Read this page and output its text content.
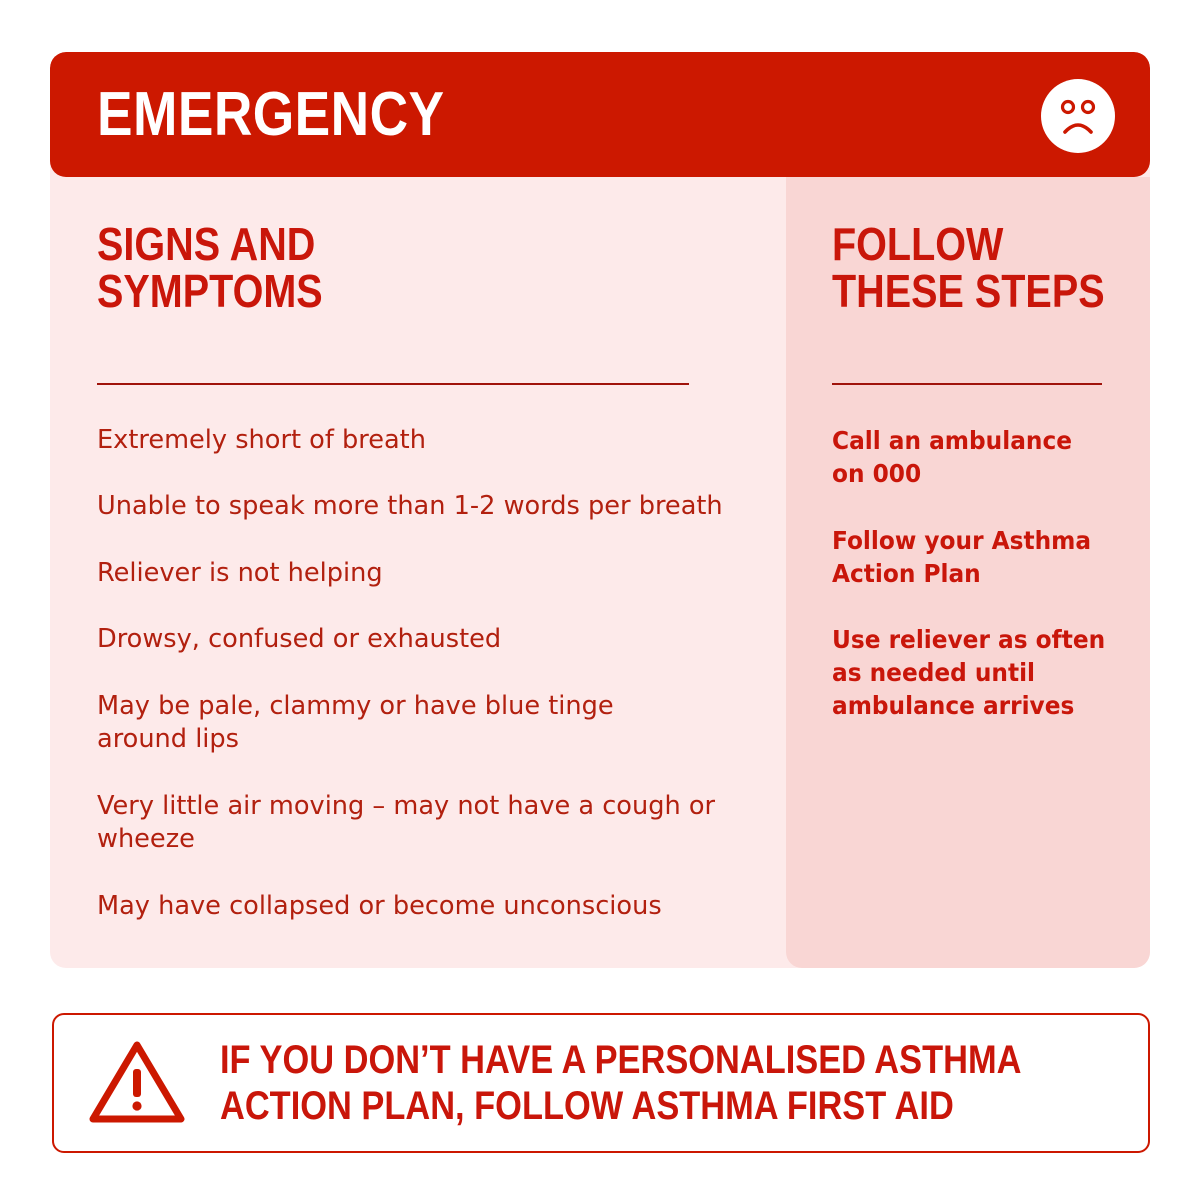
EMERGENCY
SIGNS AND
SYMPTOMS
Extremely short of breath
Unable to speak more than 1-2 words per breath
Reliever is not helping
Drowsy, confused or exhausted
May be pale, clammy or have blue tinge around lips
Very little air moving – may not have a cough or wheeze
May have collapsed or become unconscious
FOLLOW
THESE STEPS
Call an ambulance on 000
Follow your Asthma Action Plan
Use reliever as often as needed until ambulance arrives
IF YOU DON’T HAVE A PERSONALISED ASTHMA
ACTION PLAN, FOLLOW ASTHMA FIRST AID
